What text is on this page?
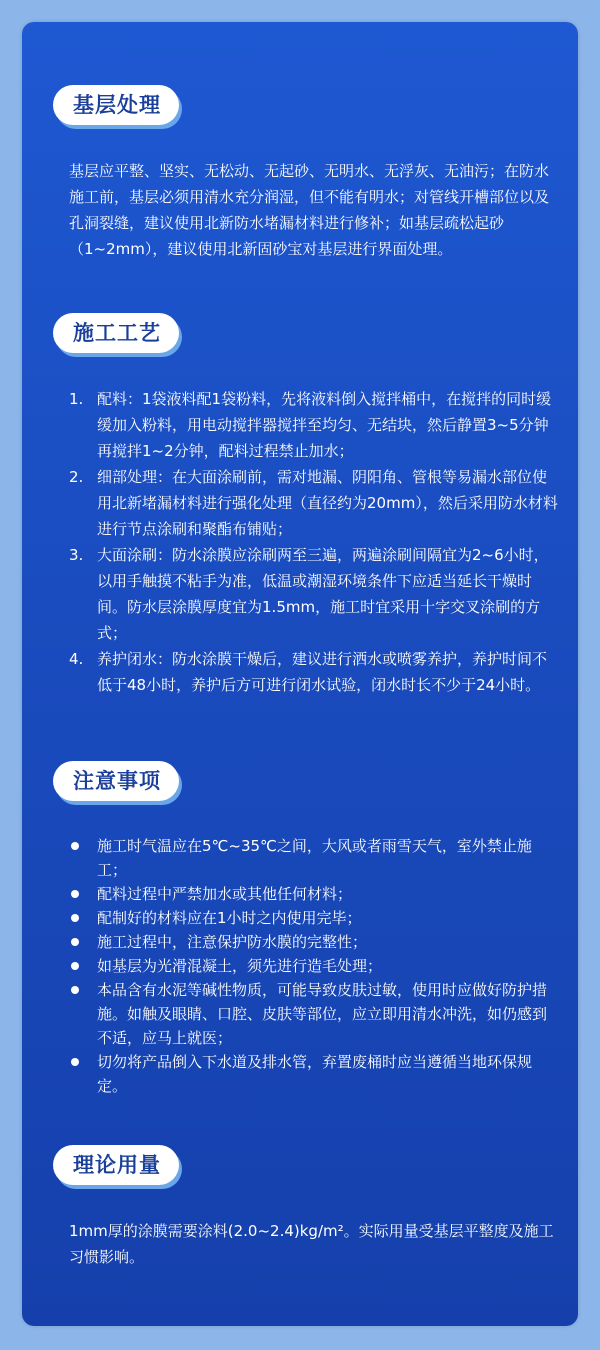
基层处理

基层应平整、坚实、无松动、无起砂、无明水、无浮灰、无油污；在防水施工前，基层必须用清水充分润湿，但不能有明水；对管线开槽部位以及孔洞裂缝，建议使用北新防水堵漏材料进行修补；如基层疏松起砂（1~2mm），建议使用北新固砂宝对基层进行界面处理。

施工工艺
1. 配料：1袋液料配1袋粉料，先将液料倒入搅拌桶中，在搅拌的同时缓缓加入粉料，用电动搅拌器搅拌至均匀、无结块，然后静置3~5分钟再搅拌1~2分钟，配料过程禁止加水；
2. 细部处理：在大面涂刷前，需对地漏、阴阳角、管根等易漏水部位使用北新堵漏材料进行强化处理（直径约为20mm），然后采用防水材料进行节点涂刷和聚酯布铺贴；
3. 大面涂刷：防水涂膜应涂刷两至三遍，两遍涂刷间隔宜为2~6小时，以用手触摸不粘手为准，低温或潮湿环境条件下应适当延长干燥时间。防水层涂膜厚度宜为1.5mm，施工时宜采用十字交叉涂刷的方式；
4. 养护闭水：防水涂膜干燥后，建议进行洒水或喷雾养护，养护时间不低于48小时，养护后方可进行闭水试验，闭水时长不少于24小时。
注意事项
施工时气温应在5℃~35℃之间，大风或者雨雪天气，室外禁止施工；
配料过程中严禁加水或其他任何材料；
配制好的材料应在1小时之内使用完毕；
施工过程中，注意保护防水膜的完整性；
如基层为光滑混凝土，须先进行造毛处理；
本品含有水泥等碱性物质，可能导致皮肤过敏，使用时应做好防护措施。如触及眼睛、口腔、皮肤等部位，应立即用清水冲洗，如仍感到不适，应马上就医；
切勿将产品倒入下水道及排水管，弃置废桶时应当遵循当地环保规定。
理论用量

1mm厚的涂膜需要涂料(2.0~2.4)kg/m²。实际用量受基层平整度及施工习惯影响。
